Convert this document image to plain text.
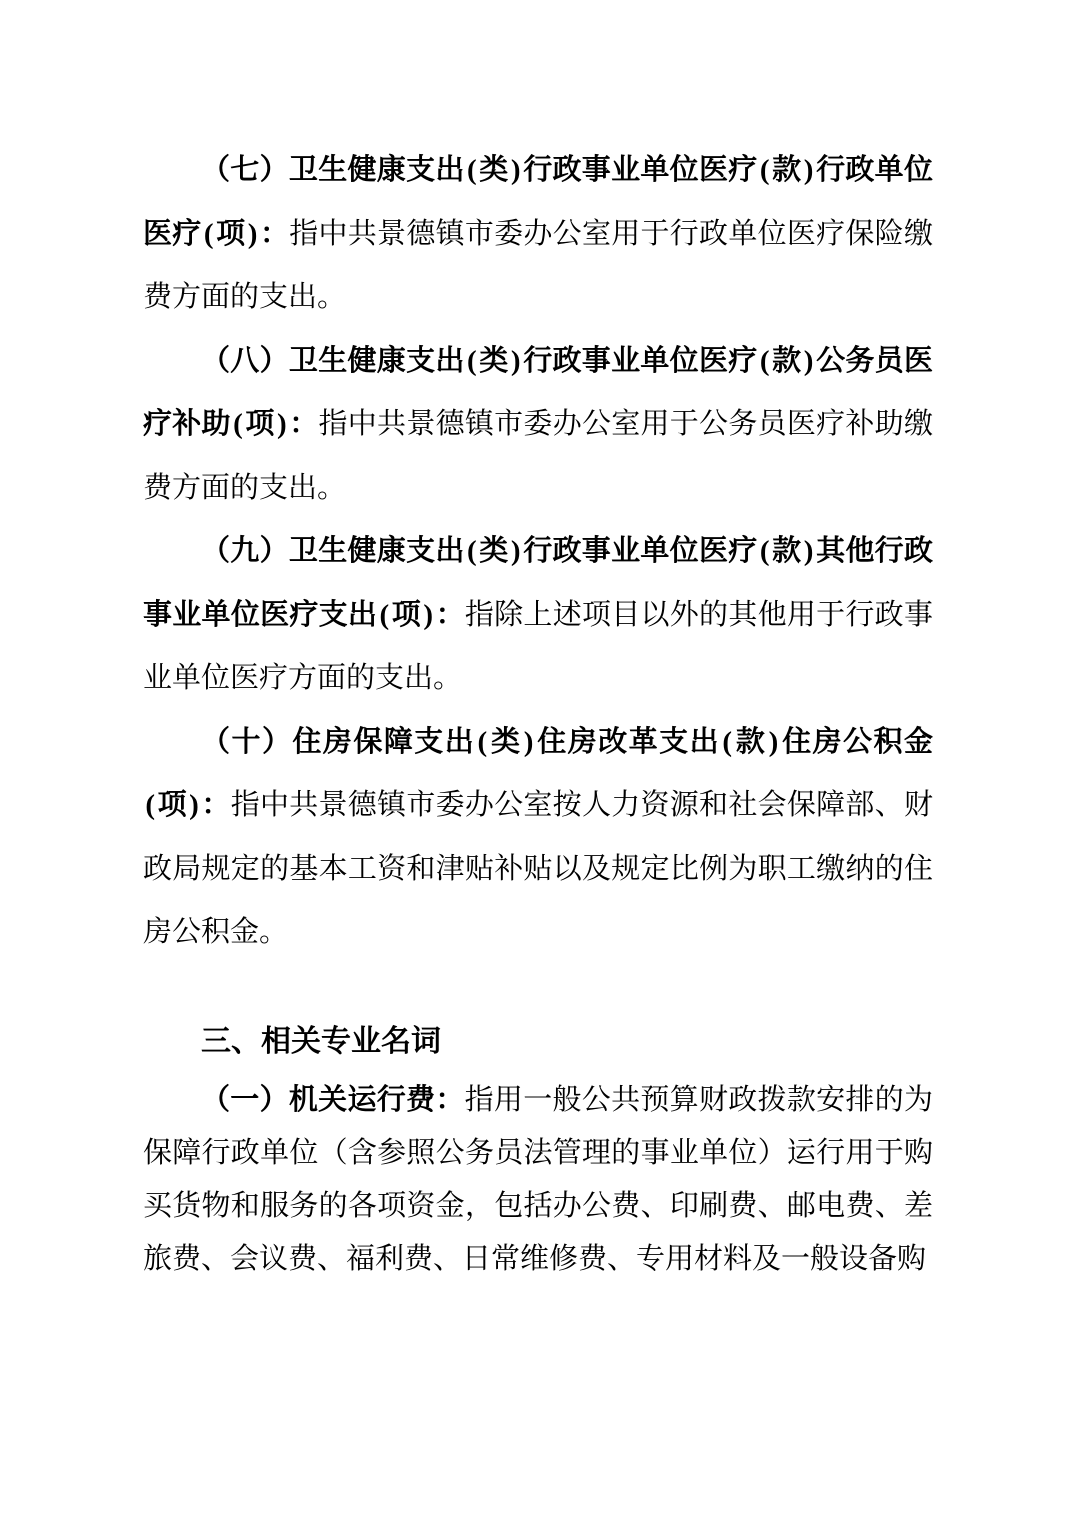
（七）卫生健康支出(类)行政事业单位医疗(款)行政单位医疗(项)：指中共景德镇市委办公室用于行政单位医疗保险缴费方面的支出。

（八）卫生健康支出(类)行政事业单位医疗(款)公务员医疗补助(项)：指中共景德镇市委办公室用于公务员医疗补助缴费方面的支出。

（九）卫生健康支出(类)行政事业单位医疗(款)其他行政事业单位医疗支出(项)：指除上述项目以外的其他用于行政事业单位医疗方面的支出。

（十）住房保障支出(类)住房改革支出(款)住房公积金(项)：指中共景德镇市委办公室按人力资源和社会保障部、财政局规定的基本工资和津贴补贴以及规定比例为职工缴纳的住房公积金。

三、相关专业名词

（一）机关运行费：指用一般公共预算财政拨款安排的为保障行政单位（含参照公务员法管理的事业单位）运行用于购买货物和服务的各项资金，包括办公费、印刷费、邮电费、差旅费、会议费、福利费、日常维修费、专用材料及一般设备购
